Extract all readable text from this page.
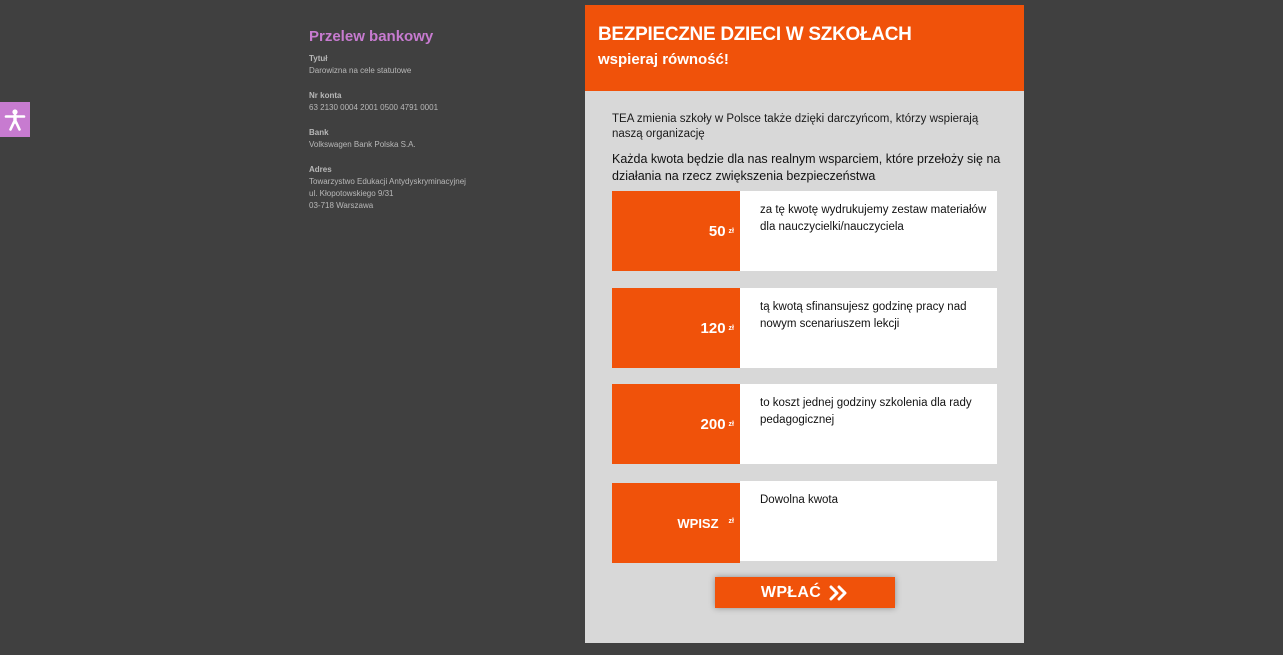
Przelew bankowy
Tytuł
Darowizna na cele statutowe
Nr konta
63 2130 0004 2001 0500 4791 0001
Bank
Volkswagen Bank Polska S.A.
Adres
Towarzystwo Edukacji Antydyskryminacyjnej
ul. Kłopotowskiego 9/31
03-718 Warszawa
BEZPIECZNE DZIECI W SZKOŁACH
wspieraj równość!
TEA zmienia szkoły w Polsce także dzięki darczyńcom, którzy wspierają naszą organizację
Każda kwota będzie dla nas realnym wsparciem, które przełoży się na działania na rzecz zwiększenia bezpieczeństwa
50 zł
za tę kwotę wydrukujemy zestaw materiałów dla nauczycielki/nauczyciela
120 zł
tą kwotą sfinansujesz godzinę pracy nad nowym scenariuszem lekcji
200 zł
to koszt jednej godziny szkolenia dla rady pedagogicznej
WPISZ zł
Dowolna kwota
WPŁAĆ
